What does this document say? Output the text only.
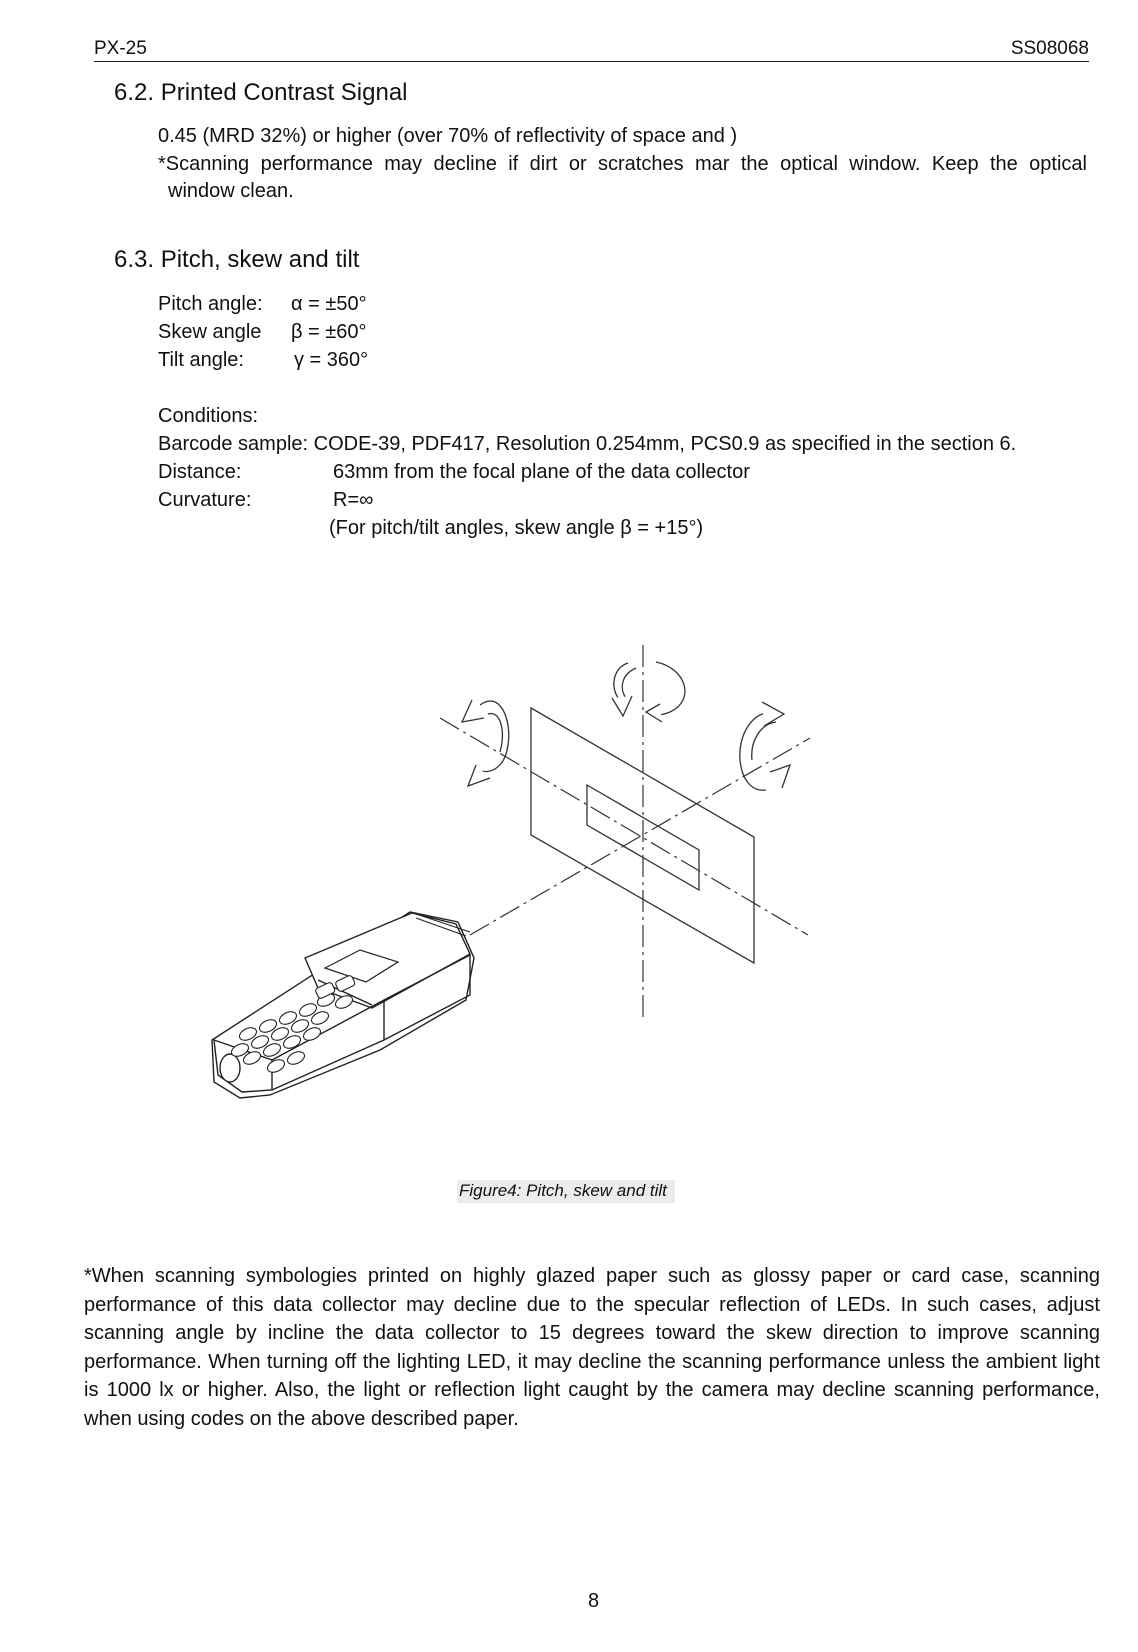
PX-25	SS08068
6.2. Printed Contrast Signal
0.45 (MRD 32%) or higher (over 70% of reflectivity of space and )
*Scanning performance may decline if dirt or scratches mar the optical window. Keep the optical
window clean.
6.3. Pitch, skew and tilt
Pitch angle: α = ±50°
Skew angle β = ±60°
Tilt angle:	γ = 360°
Conditions:
Barcode sample: CODE-39, PDF417, Resolution 0.254mm, PCS0.9 as specified in the section 6.
Distance:	63mm from the focal plane of the data collector
Curvature:	R=∞
(For pitch/tilt angles, skew angle β = +15°)
Figure4: Pitch, skew and tilt
*When scanning symbologies printed on highly glazed paper such as glossy paper or card case, scanning performance of this data collector may decline due to the specular reflection of LEDs. In such cases, adjust scanning angle by incline the data collector to 15 degrees toward the skew direction to improve scanning performance. When turning off the lighting LED, it may decline the scanning performance unless the ambient light is 1000 lx or higher. Also, the light or reflection light caught by the camera may decline scanning performance, when using codes on the above described paper.
8
